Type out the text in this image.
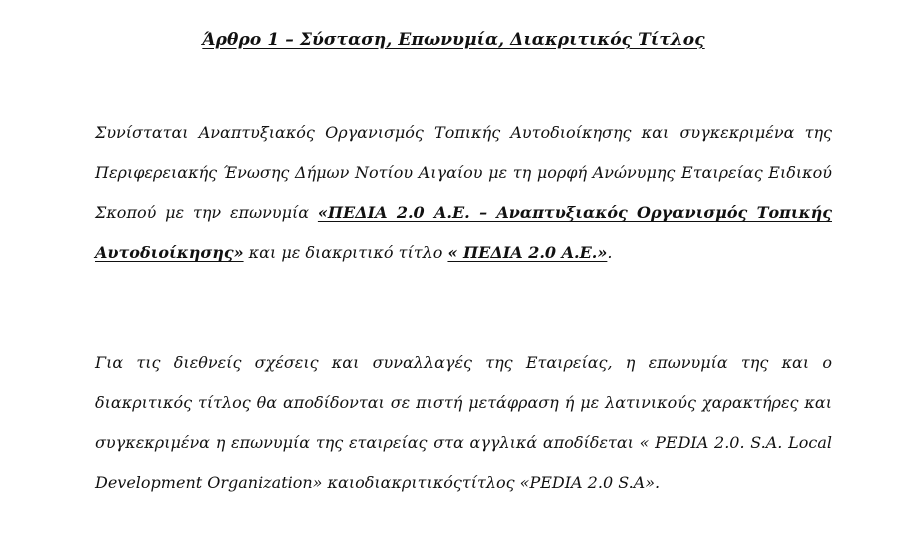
Άρθρο 1 – Σύσταση, Επωνυμία, Διακριτικός Τίτλος
Συνίσταται Αναπτυξιακός Οργανισμός Τοπικής Αυτοδιοίκησης και συγκεκριμένα της Περιφερειακής Ένωσης Δήμων Νοτίου Αιγαίου με τη μορφή Ανώνυμης Εταιρείας Ειδικού Σκοπού με την επωνυμία «ΠΕΔΙΑ 2.0 Α.Ε. – Αναπτυξιακός Οργανισμός Τοπικής Αυτοδιοίκησης» και με διακριτικό τίτλο « ΠΕΔΙΑ 2.0 Α.Ε.».
Για τις διεθνείς σχέσεις και συναλλαγές της Εταιρείας, η επωνυμία της και ο διακριτικός τίτλος θα αποδίδονται σε πιστή μετάφραση ή με λατινικούς χαρακτήρες και συγκεκριμένα η επωνυμία της εταιρείας στα αγγλικά αποδίδεται « PEDIA 2.0. S.A. Local Development Organization» καιοδιακριτικόςτίτλος «PEDIA 2.0 S.A».
